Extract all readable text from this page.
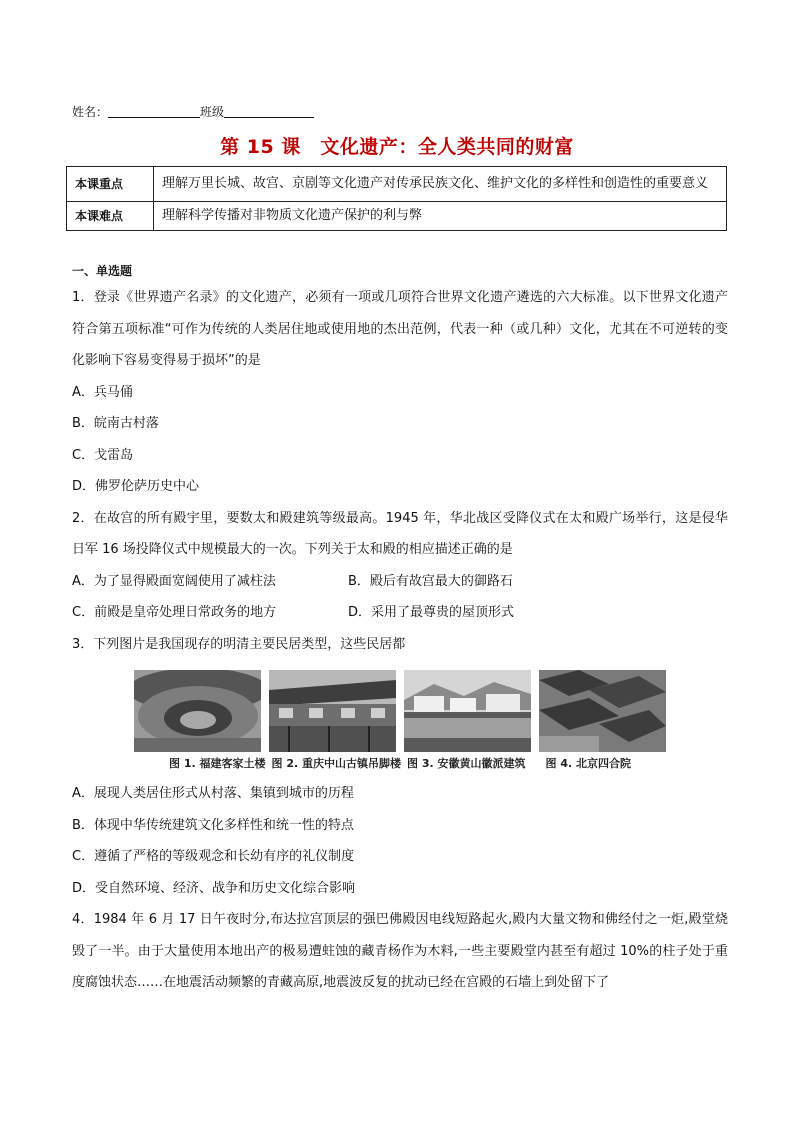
姓名：	班级
第 15 课　文化遗产：全人类共同的财富
本课重点	理解万里长城、故宫、京剧等文化遗产对传承民族文化、维护文化的多样性和创造性的重要意义
本课难点	理解科学传播对非物质文化遗产保护的利与弊
一、单选题
1．登录《世界遗产名录》的文化遗产，必须有一项或几项符合世界文化遗产遴选的六大标准。以下世界文化遗产符合第五项标准“可作为传统的人类居住地或使用地的杰出范例，代表一种（或几种）文化，尤其在不可逆转的变化影响下容易变得易于损坏”的是
A．兵马俑
B．皖南古村落
C．戈雷岛
D．佛罗伦萨历史中心
2．在故宫的所有殿宇里，要数太和殿建筑等级最高。1945 年，华北战区受降仪式在太和殿广场举行，这是侵华日军 16 场投降仪式中规模最大的一次。下列关于太和殿的相应描述正确的是
A．为了显得殿面宽阔使用了减柱法	B．殿后有故宫最大的御路石
C．前殿是皇帝处理日常政务的地方	D．采用了最尊贵的屋顶形式
3．下列图片是我国现存的明清主要民居类型，这些民居都
图 1. 福建客家土楼 图 2. 重庆中山古镇吊脚楼 图 3. 安徽黄山徽派建筑 图 4. 北京四合院
A．展现人类居住形式从村落、集镇到城市的历程
B．体现中华传统建筑文化多样性和统一性的特点
C．遵循了严格的等级观念和长幼有序的礼仪制度
D．受自然环境、经济、战争和历史文化综合影响
4．1984 年 6 月 17 日午夜时分,布达拉宫顶层的强巴佛殿因电线短路起火,殿内大量文物和佛经付之一炬,殿堂烧毁了一半。由于大量使用本地出产的极易遭蛀蚀的藏青杨作为木料,一些主要殿堂内甚至有超过 10%的柱子处于重度腐蚀状态……在地震活动频繁的青藏高原,地震波反复的扰动已经在宫殿的石墙上到处留下了
